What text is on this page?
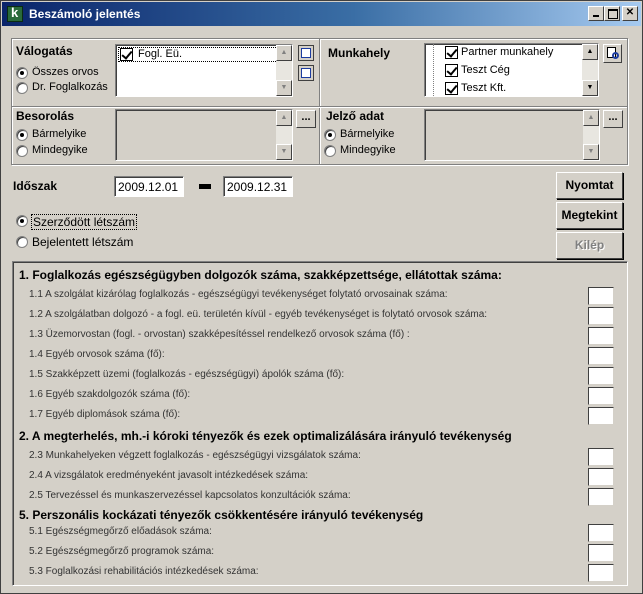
k
Beszámoló jelentés	✕
Válogatás
Összes orvos
Dr. Foglalkozás
Fogl. Eü.	▲
▼
Munkahely	Partner munkahely
Teszt Cég
Teszt Kft.
▲
▼
Besorolás
Bármelyike
Mindegyike
▲
▼
...	Jelző adat
Bármelyike
Mindegyike
▲
▼
...
Időszak	2009.12.01	2009.12.31
Szerződött létszám
Bejelentett létszám
Nyomtat
Megtekint
Kilép
1. Foglalkozás egészségügyben dolgozók száma, szakképzettsége, ellátottak száma:
1.1 A szolgálat kizárólag foglalkozás - egészségügyi tevékenységet folytató orvosainak száma:
1.2 A szolgálatban dolgozó - a fogl. eü. területén kívül - egyéb tevékenységet is folytató orvosok száma:
1.3 Üzemorvostan (fogl. - orvostan) szakképesítéssel rendelkező orvosok száma (fő) :
1.4 Egyéb orvosok száma (fő):
1.5 Szakképzett üzemi (foglalkozás - egészségügyi) ápolók száma (fő):
1.6 Egyéb szakdolgozók száma (fő):
1.7 Egyéb diplomások száma (fő):
2. A megterhelés, mh.-i kóroki tényezők és ezek optimalizálására irányuló tevékenység
2.3 Munkahelyeken végzett foglalkozás - egészségügyi vizsgálatok száma:
2.4 A vizsgálatok eredményeként javasolt intézkedések száma:
2.5 Tervezéssel és munkaszervezéssel kapcsolatos konzultációk száma:
5. Perszonális kockázati tényezők csökkentésére irányuló tevékenység
5.1 Egészségmegőrző előadások száma:
5.2 Egészségmegőrző programok száma:
5.3 Foglalkozási rehabilitációs intézkedések száma:
